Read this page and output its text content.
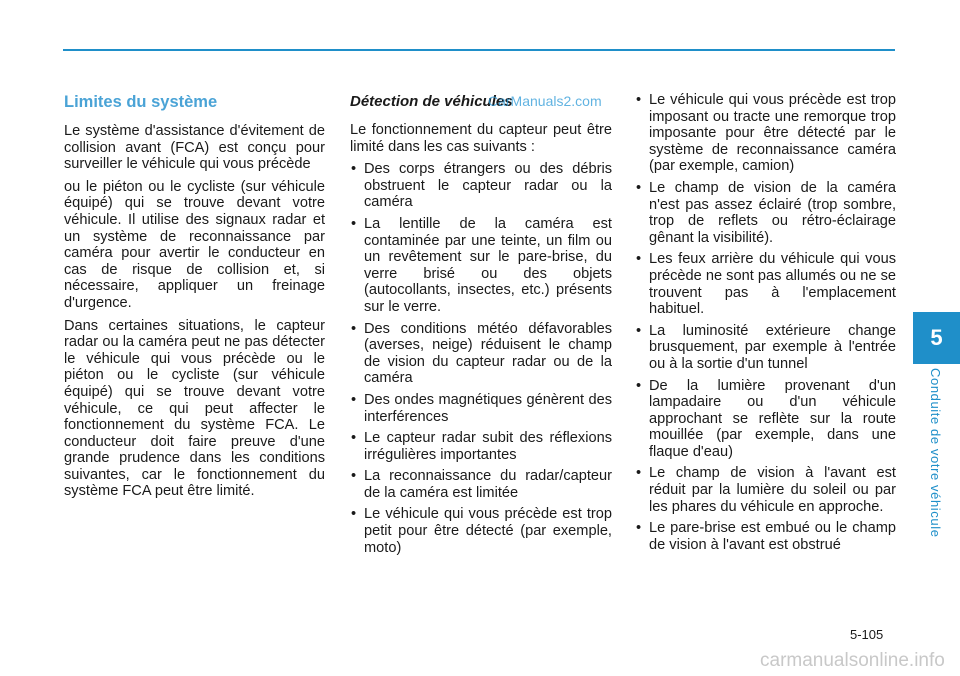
Limites du système

Le système d'assistance d'évitement de collision avant (FCA) est conçu pour surveiller le véhicule qui vous précède

ou le piéton ou le cycliste (sur véhicule équipé) qui se trouve devant votre véhicule. Il utilise des signaux radar et un système de reconnaissance par caméra pour avertir le conducteur en cas de risque de collision et, si nécessaire, appliquer un freinage d'urgence.

Dans certaines situations, le capteur radar ou la caméra peut ne pas détecter le véhicule qui vous précède ou le piéton ou le cycliste (sur véhicule équipé) qui se trouve devant votre véhicule, ce qui peut affecter le fonctionnement du système FCA. Le conducteur doit faire preuve d'une grande prudence dans les conditions suivantes, car le fonctionnement du système FCA peut être limité.

Détection de véhicules

Le fonctionnement du capteur peut être limité dans les cas suivants :

• Des corps étrangers ou des débris obstruent le capteur radar ou la caméra
• La lentille de la caméra est contaminée par une teinte, un film ou un revêtement sur le pare-brise, du verre brisé ou des objets (autocollants, insectes, etc.) présents sur le verre.
• Des conditions météo défavorables (averses, neige) réduisent le champ de vision du capteur radar ou de la caméra
• Des ondes magnétiques génèrent des interférences
• Le capteur radar subit des réflexions irrégulières importantes
• La reconnaissance du radar/capteur de la caméra est limitée
• Le véhicule qui vous précède est trop petit pour être détecté (par exemple, moto)
• Le véhicule qui vous précède est trop imposant ou tracte une remorque trop imposante pour être détecté par le système de reconnaissance caméra (par exemple, camion)
• Le champ de vision de la caméra n'est pas assez éclairé (trop sombre, trop de reflets ou rétro-éclairage gênant la visibilité).
• Les feux arrière du véhicule qui vous précède ne sont pas allumés ou ne se trouvent pas à l'emplacement habituel.
• La luminosité extérieure change brusquement, par exemple à l'entrée ou à la sortie d'un tunnel
• De la lumière provenant d'un lampadaire ou d'un véhicule approchant se reflète sur la route mouillée (par exemple, dans une flaque d'eau)
• Le champ de vision à l'avant est réduit par la lumière du soleil ou par les phares du véhicule en approche.
• Le pare-brise est embué ou le champ de vision à l'avant est obstrué
5
Conduite de votre véhicule
5-105
CarManuals2.com
carmanualsonline.info
